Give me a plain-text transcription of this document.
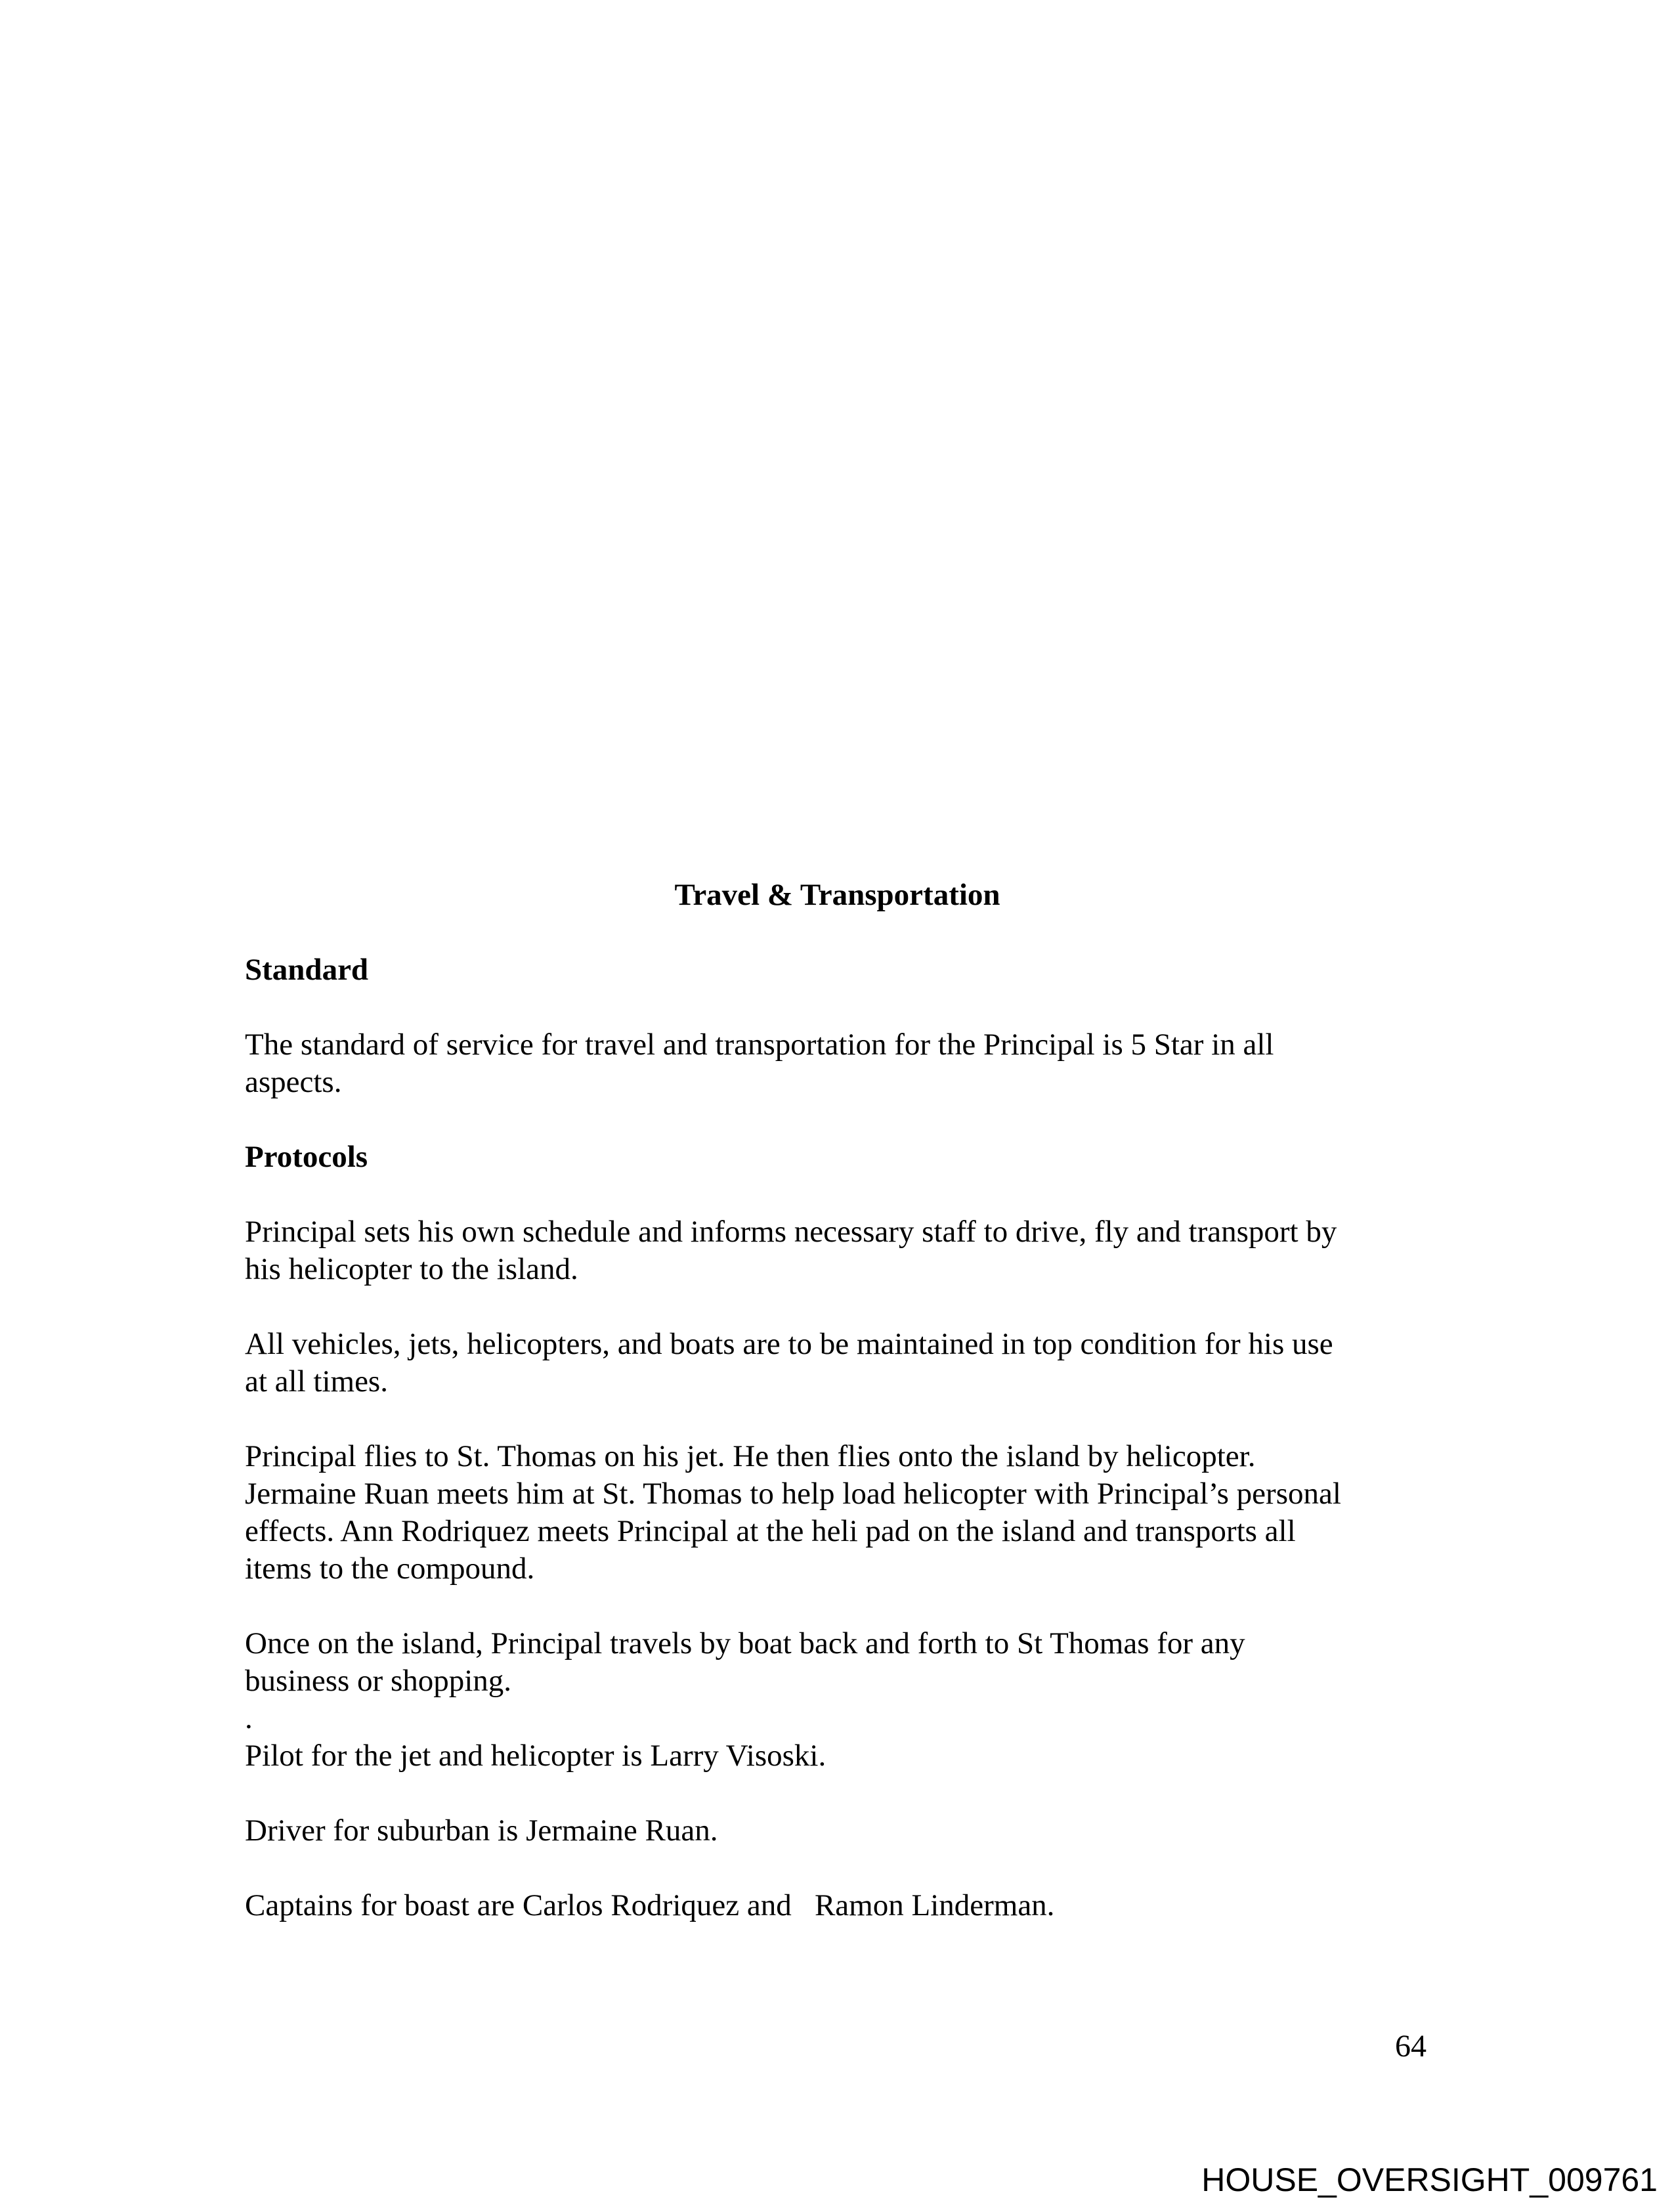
Travel & Transportation
Standard
The standard of service for travel and transportation for the Principal is 5 Star in all
aspects.
Protocols
Principal sets his own schedule and informs necessary staff to drive, fly and transport by
his helicopter to the island.
All vehicles, jets, helicopters, and boats are to be maintained in top condition for his use
at all times.
Principal flies to St. Thomas on his jet. He then flies onto the island by helicopter.
Jermaine Ruan meets him at St. Thomas to help load helicopter with Principal’s personal
effects. Ann Rodriquez meets Principal at the heli pad on the island and transports all
items to the compound.
Once on the island, Principal travels by boat back and forth to St Thomas for any
business or shopping.
.
Pilot for the jet and helicopter is Larry Visoski.
Driver for suburban is Jermaine Ruan.
Captains for boast are Carlos Rodriquez and   Ramon Linderman.
64
HOUSE_OVERSIGHT_009761
